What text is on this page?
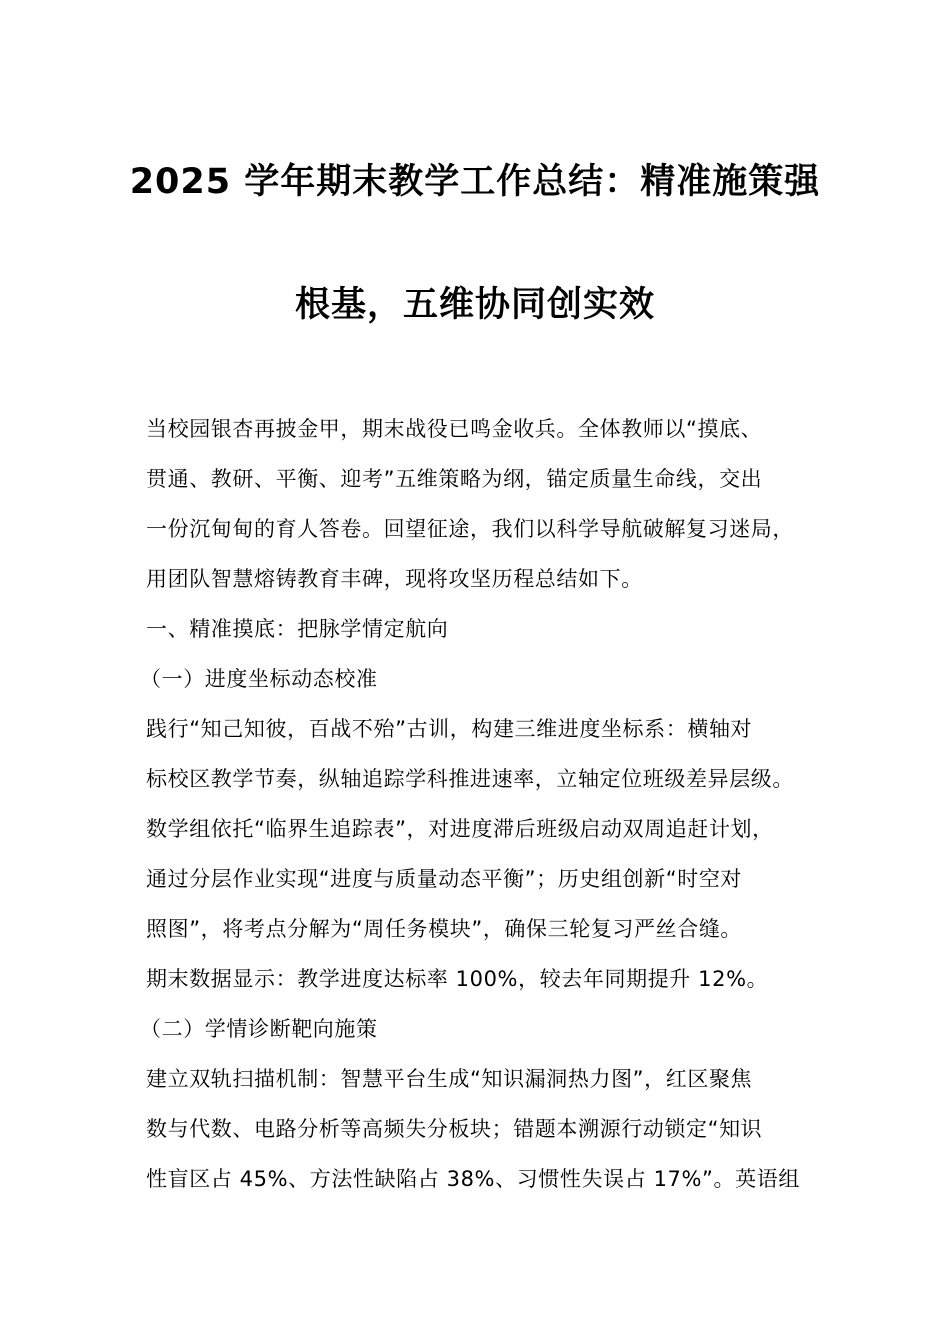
2025 学年期末教学工作总结：精准施策强
根基，五维协同创实效
当校园银杏再披金甲，期末战役已鸣金收兵。全体教师以“摸底、
贯通、教研、平衡、迎考”五维策略为纲，锚定质量生命线，交出
一份沉甸甸的育人答卷。回望征途，我们以科学导航破解复习迷局，
用团队智慧熔铸教育丰碑，现将攻坚历程总结如下。
一、精准摸底：把脉学情定航向
（一）进度坐标动态校准
践行“知己知彼，百战不殆”古训，构建三维进度坐标系：横轴对
标校区教学节奏，纵轴追踪学科推进速率，立轴定位班级差异层级。
数学组依托“临界生追踪表”，对进度滞后班级启动双周追赶计划，
通过分层作业实现“进度与质量动态平衡”；历史组创新“时空对
照图”，将考点分解为“周任务模块”，确保三轮复习严丝合缝。
期末数据显示：教学进度达标率 100%，较去年同期提升 12%。
（二）学情诊断靶向施策
建立双轨扫描机制：智慧平台生成“知识漏洞热力图”，红区聚焦
数与代数、电路分析等高频失分板块；错题本溯源行动锁定“知识
性盲区占 45%、方法性缺陷占 38%、习惯性失误占 17%”。英语组
